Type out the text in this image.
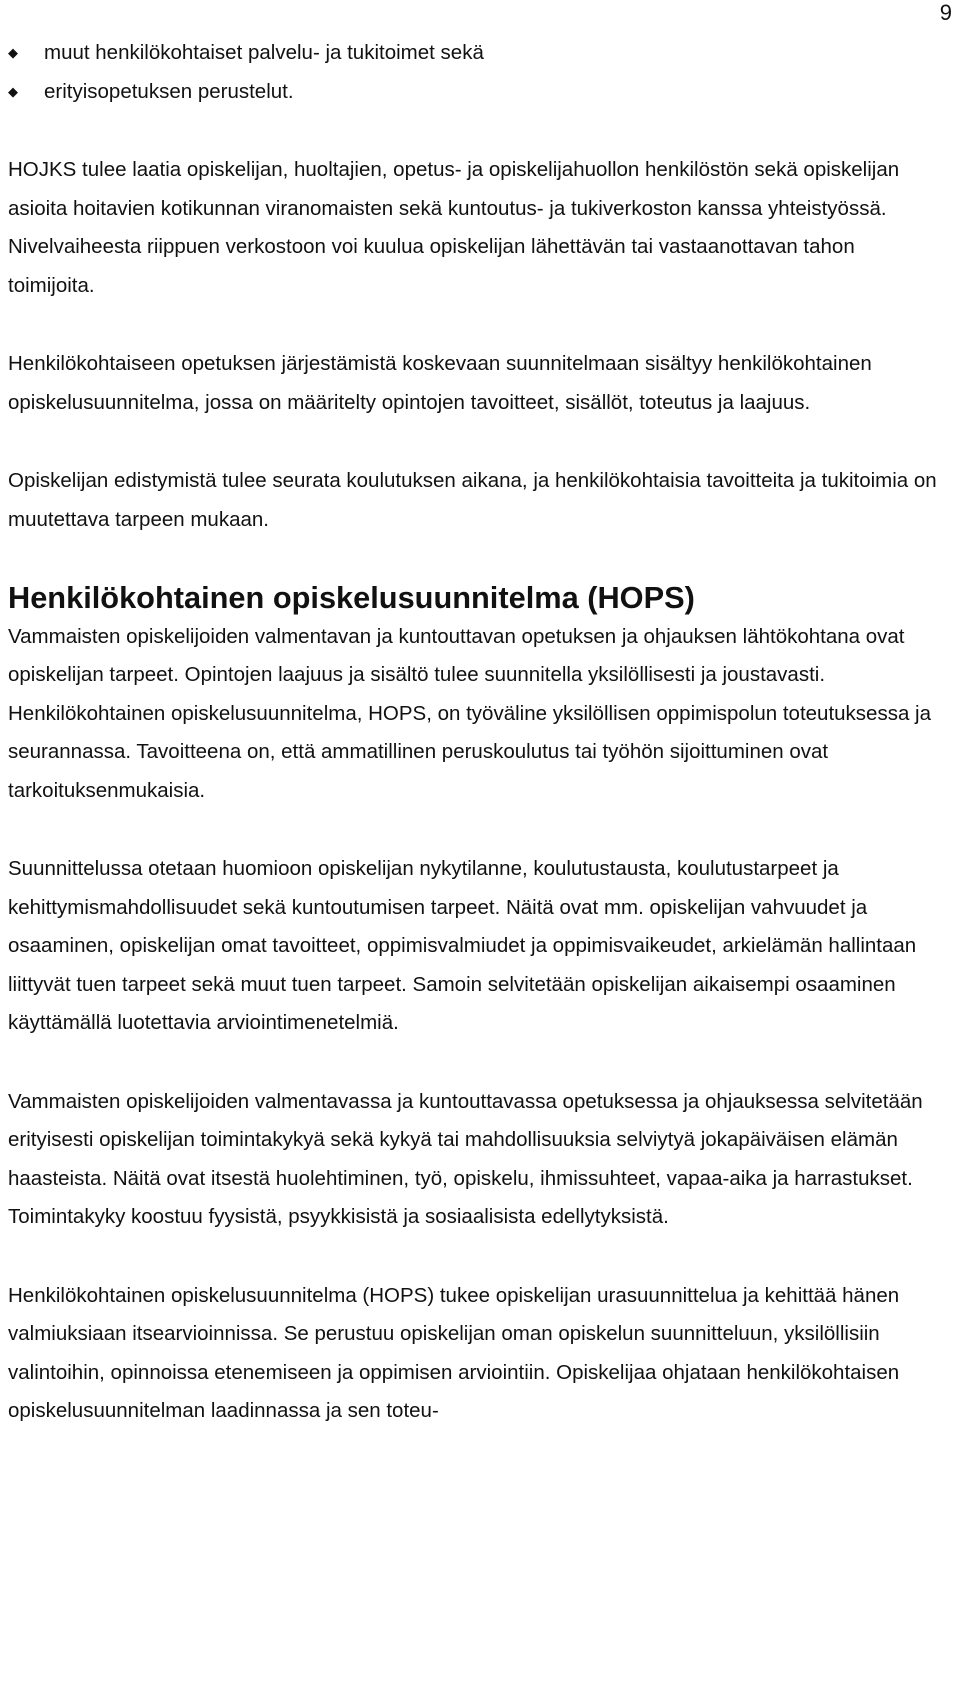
9
◆	muut henkilökohtaiset palvelu- ja tukitoimet sekä
◆	erityisopetuksen perustelut.

HOJKS tulee laatia opiskelijan, huoltajien, opetus- ja opiskelijahuollon henkilöstön sekä opiskelijan asioita hoitavien kotikunnan viranomaisten sekä kuntoutus- ja tukiverkoston kanssa yhteistyössä. Nivelvaiheesta riippuen verkostoon voi kuulua opiskelijan lähettävän tai vastaanottavan tahon toimijoita.

Henkilökohtaiseen opetuksen järjestämistä koskevaan suunnitelmaan sisältyy henkilökohtainen opiskelusuunnitelma, jossa on määritelty opintojen tavoitteet, sisällöt, toteutus ja laajuus.

Opiskelijan edistymistä tulee seurata koulutuksen aikana, ja henkilökohtaisia tavoitteita ja tukitoimia on muutettava tarpeen mukaan.

Henkilökohtainen opiskelusuunnitelma (HOPS)

Vammaisten opiskelijoiden valmentavan ja kuntouttavan opetuksen ja ohjauksen lähtökohtana ovat opiskelijan tarpeet. Opintojen laajuus ja sisältö tulee suunnitella yksilöllisesti ja joustavasti. Henkilökohtainen opiskelusuunnitelma, HOPS, on työväline yksilöllisen oppimispolun toteutuksessa ja seurannassa. Tavoitteena on, että ammatillinen peruskoulutus tai työhön sijoittuminen ovat tarkoituksenmukaisia.

Suunnittelussa otetaan huomioon opiskelijan nykytilanne, koulutustausta, koulutustarpeet ja kehittymismahdollisuudet sekä kuntoutumisen tarpeet. Näitä ovat mm. opiskelijan vahvuudet ja osaaminen, opiskelijan omat tavoitteet, oppimisvalmiudet ja oppimisvaikeudet, arkielämän hallintaan liittyvät tuen tarpeet sekä muut tuen tarpeet. Samoin selvitetään opiskelijan aikaisempi osaaminen käyttämällä luotettavia arviointimenetelmiä.

Vammaisten opiskelijoiden valmentavassa ja kuntouttavassa opetuksessa ja ohjauksessa selvitetään erityisesti opiskelijan toimintakykyä sekä kykyä tai mahdollisuuksia selviytyä jokapäiväisen elämän haasteista. Näitä ovat itsestä huolehtiminen, työ, opiskelu, ihmissuhteet, vapaa-aika ja harrastukset. Toimintakyky koostuu fyysistä, psyykkisistä ja sosiaalisista edellytyksistä.

Henkilökohtainen opiskelusuunnitelma (HOPS) tukee opiskelijan urasuunnittelua ja kehittää hänen valmiuksiaan itsearvioinnissa. Se perustuu opiskelijan oman opiskelun suunnitteluun, yksilöllisiin valintoihin, opinnoissa etenemiseen ja oppimisen arviointiin. Opiskelijaa ohjataan henkilökohtaisen opiskelusuunnitelman laadinnassa ja sen toteu-
